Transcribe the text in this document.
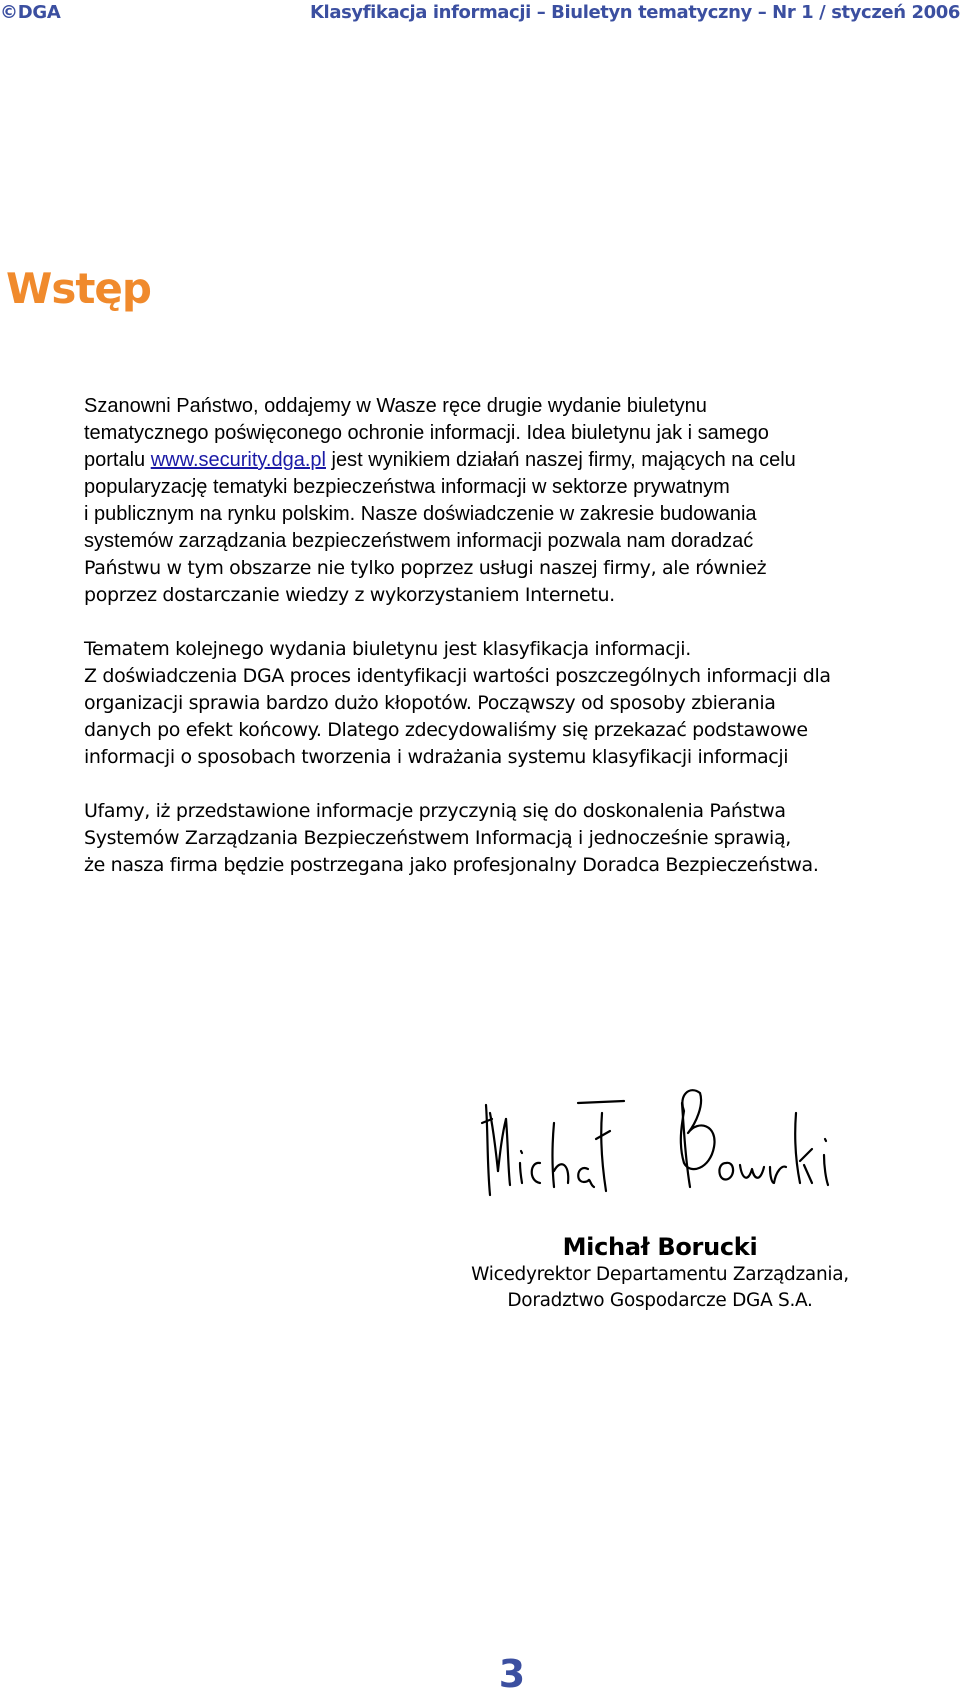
©DGA	Klasyfikacja informacji – Biuletyn tematyczny – Nr 1 / styczeń 2006
Wstęp
Szanowni Państwo, oddajemy w Wasze ręce drugie wydanie biuletynu
tematycznego poświęconego ochronie informacji. Idea biuletynu jak i samego
portalu www.security.dga.pl jest wynikiem działań naszej firmy, mających na celu
popularyzację tematyki bezpieczeństwa informacji w sektorze prywatnym
i publicznym na rynku polskim. Nasze doświadczenie w zakresie budowania
systemów zarządzania bezpieczeństwem informacji pozwala nam doradzać
Państwu w tym obszarze nie tylko poprzez usługi naszej firmy, ale również
poprzez dostarczanie wiedzy z wykorzystaniem Internetu.
Tematem kolejnego wydania biuletynu jest klasyfikacja informacji.
Z doświadczenia DGA proces identyfikacji wartości poszczególnych informacji dla
organizacji sprawia bardzo dużo kłopotów. Począwszy od sposoby zbierania
danych po efekt końcowy. Dlatego zdecydowaliśmy się przekazać podstawowe
informacji o sposobach tworzenia i wdrażania systemu klasyfikacji informacji
Ufamy, iż przedstawione informacje przyczynią się do doskonalenia Państwa
Systemów Zarządzania Bezpieczeństwem Informacją i jednocześnie sprawią,
że nasza firma będzie postrzegana jako profesjonalny Doradca Bezpieczeństwa.
Michał Borucki
Wicedyrektor Departamentu Zarządzania,
Doradztwo Gospodarcze DGA S.A.
3
